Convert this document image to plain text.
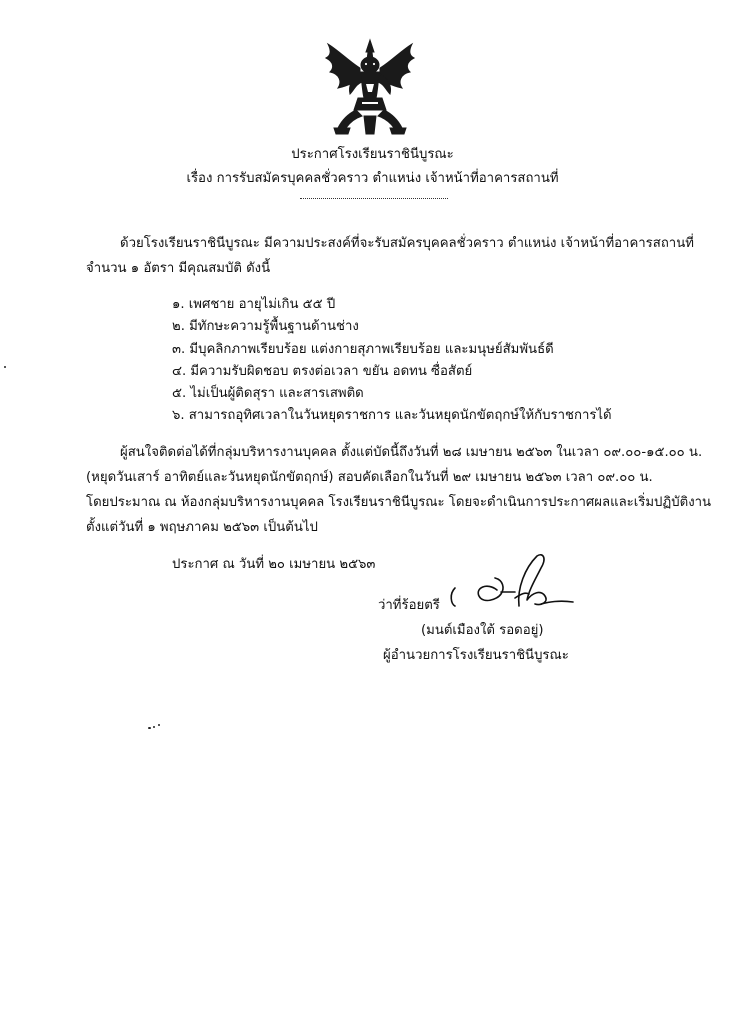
ประกาศโรงเรียนราชินีบูรณะ
เรื่อง การรับสมัครบุคคลชั่วคราว ตำแหน่ง เจ้าหน้าที่อาคารสถานที่
ด้วยโรงเรียนราชินีบูรณะ มีความประสงค์ที่จะรับสมัครบุคคลชั่วคราว ตำแหน่ง เจ้าหน้าที่อาคารสถานที่
จำนวน ๑ อัตรา มีคุณสมบัติ ดังนี้
๑. เพศชาย อายุไม่เกิน ๕๕ ปี
๒. มีทักษะความรู้พื้นฐานด้านช่าง
๓. มีบุคลิกภาพเรียบร้อย แต่งกายสุภาพเรียบร้อย และมนุษย์สัมพันธ์ดี
๔. มีความรับผิดชอบ ตรงต่อเวลา ขยัน อดทน ซื่อสัตย์
๕. ไม่เป็นผู้ติดสุรา และสารเสพติด
๖. สามารถอุทิศเวลาในวันหยุดราชการ และวันหยุดนักขัตฤกษ์ให้กับราชการได้
ผู้สนใจติดต่อได้ที่กลุ่มบริหารงานบุคคล ตั้งแต่บัดนี้ถึงวันที่ ๒๘ เมษายน ๒๕๖๓ ในเวลา ๐๙.๐๐-๑๕.๐๐ น.
(หยุดวันเสาร์ อาทิตย์และวันหยุดนักขัตฤกษ์) สอบคัดเลือกในวันที่ ๒๙ เมษายน ๒๕๖๓ เวลา ๐๙.๐๐ น.
โดยประมาณ ณ ห้องกลุ่มบริหารงานบุคคล โรงเรียนราชินีบูรณะ โดยจะดำเนินการประกาศผลและเริ่มปฏิบัติงาน
ตั้งแต่วันที่ ๑ พฤษภาคม ๒๕๖๓ เป็นต้นไป
ประกาศ ณ วันที่ ๒๐ เมษายน ๒๕๖๓
ว่าที่ร้อยตรี
(มนต์เมืองใต้ รอดอยู่)
ผู้อำนวยการโรงเรียนราชินีบูรณะ
